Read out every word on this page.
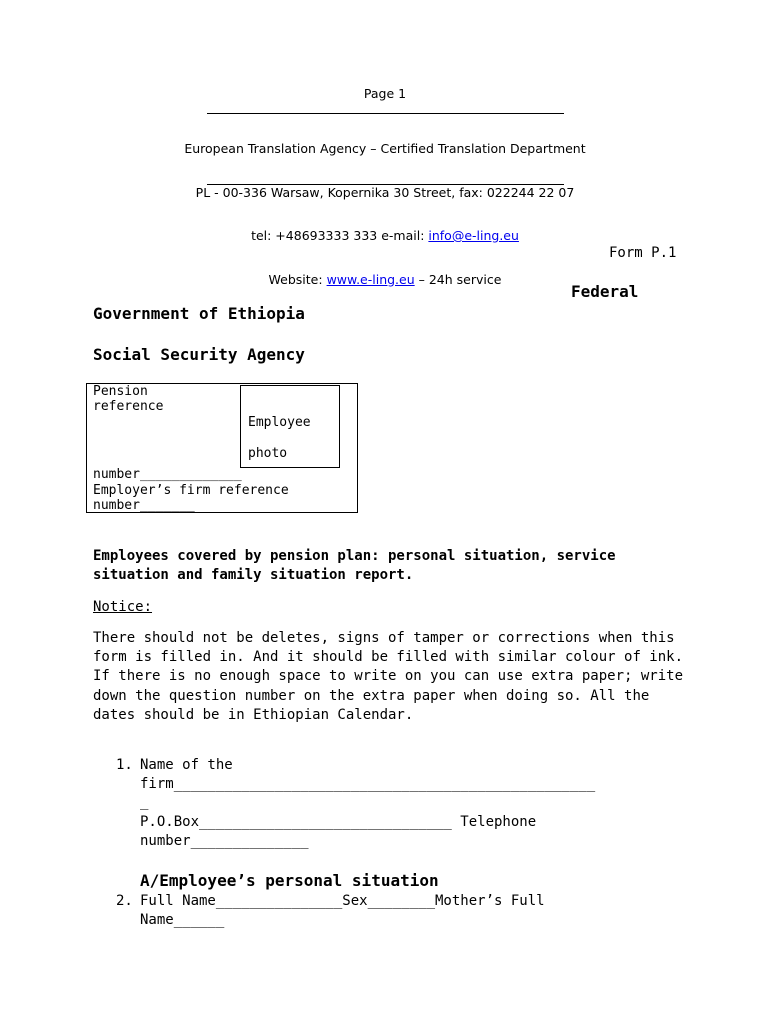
Page 1

European Translation Agency – Certified Translation Department

PL - 00-336 Warsaw, Kopernika 30 Street, fax: 022244 22 07

tel: +48693333 333 e-mail: info@e-ling.eu

Website: www.e-ling.eu – 24h service

Form P.1
Federal
Government of Ethiopia
Social Security Agency
Pension
reference
Employee
photo
number_____________
Employer’s firm reference
number_______
Employees covered by pension plan: personal situation, service
situation and family situation report.
Notice:
There should not be deletes, signs of tamper or corrections when this form is filled in. And it should be filled with similar colour of ink. If there is no enough space to write on you can use extra paper; write down the question number on the extra paper when doing so. All the dates should be in Ethiopian Calendar.
1. Name of the
firm__________________________________________________
_
P.O.Box______________________________ Telephone
number______________
A/Employee’s personal situation
2. Full Name_______________Sex________Mother’s Full
Name______
